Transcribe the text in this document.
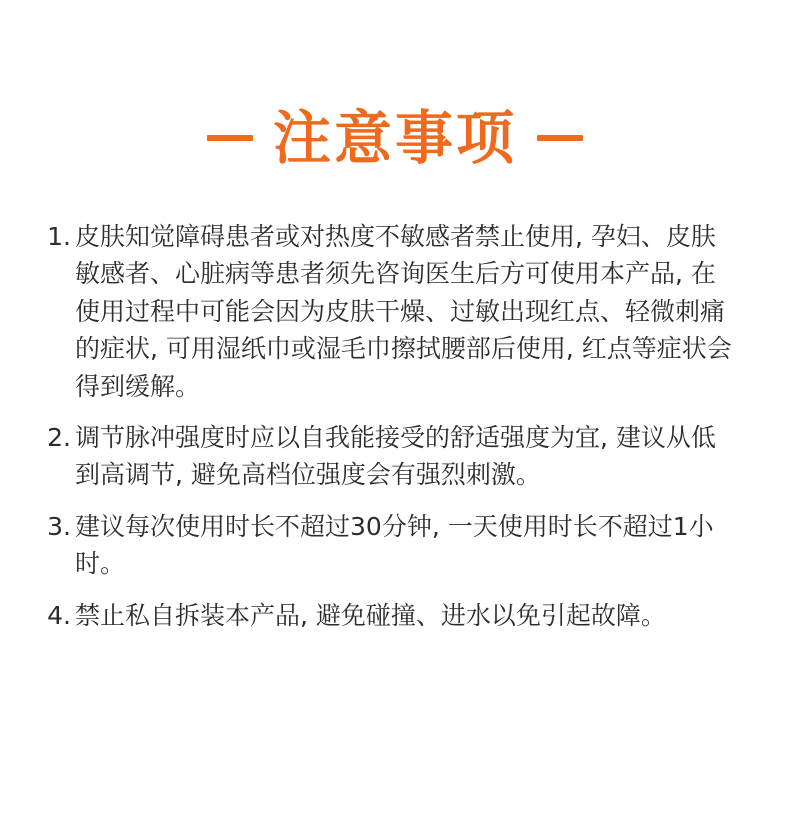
注意事项
1. 皮肤知觉障碍患者或对热度不敏感者禁止使用, 孕妇、皮肤敏感者、心脏病等患者须先咨询医生后方可使用本产品, 在使用过程中可能会因为皮肤干燥、过敏出现红点、轻微刺痛的症状, 可用湿纸巾或湿毛巾擦拭腰部后使用, 红点等症状会得到缓解。
2. 调节脉冲强度时应以自我能接受的舒适强度为宜, 建议从低到高调节, 避免高档位强度会有强烈刺激。
3. 建议每次使用时长不超过30分钟, 一天使用时长不超过1小时。
4. 禁止私自拆装本产品, 避免碰撞、进水以免引起故障。
